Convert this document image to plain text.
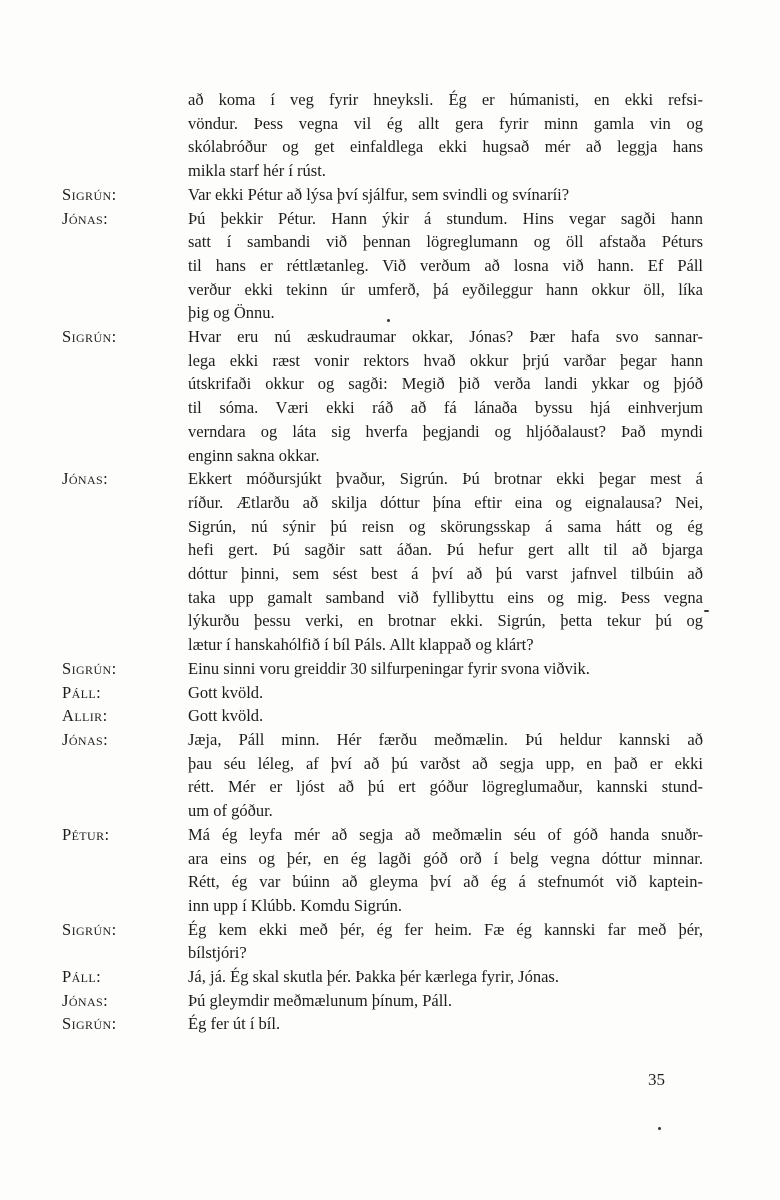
að koma í veg fyrir hneyksli. Ég er húmanisti, en ekki refsi-
vöndur. Þess vegna vil ég allt gera fyrir minn gamla vin og
skólabróður og get einfaldlega ekki hugsað mér að leggja hans
mikla starf hér í rúst.
Sigrún:	Var ekki Pétur að lýsa því sjálfur, sem svindli og svínaríi?
Jónas:	Þú þekkir Pétur. Hann ýkir á stundum. Hins vegar sagði hann
satt í sambandi við þennan lögreglumann og öll afstaða Péturs
til hans er réttlætanleg. Við verðum að losna við hann. Ef Páll
verður ekki tekinn úr umferð, þá eyðileggur hann okkur öll, líka
þig og Önnu.
Sigrún:	Hvar eru nú æskudraumar okkar, Jónas? Þær hafa svo sannar-
lega ekki ræst vonir rektors hvað okkur þrjú varðar þegar hann
útskrifaði okkur og sagði: Megið þið verða landi ykkar og þjóð
til sóma. Væri ekki ráð að fá lánaða byssu hjá einhverjum
verndara og láta sig hverfa þegjandi og hljóðalaust? Það myndi
enginn sakna okkar.
Jónas:	Ekkert móðursjúkt þvaður, Sigrún. Þú brotnar ekki þegar mest á
ríður. Ætlarðu að skilja dóttur þína eftir eina og eignalausa? Nei,
Sigrún, nú sýnir þú reisn og skörungsskap á sama hátt og ég
hefi gert. Þú sagðir satt áðan. Þú hefur gert allt til að bjarga
dóttur þinni, sem sést best á því að þú varst jafnvel tilbúin að
taka upp gamalt samband við fyllibyttu eins og mig. Þess vegna
lýkurðu þessu verki, en brotnar ekki. Sigrún, þetta tekur þú og
lætur í hanskahólfið í bíl Páls. Allt klappað og klárt?
Sigrún:	Einu sinni voru greiddir 30 silfurpeningar fyrir svona viðvik.
Páll:	Gott kvöld.
Allir:	Gott kvöld.
Jónas:	Jæja, Páll minn. Hér færðu meðmælin. Þú heldur kannski að
þau séu léleg, af því að þú varðst að segja upp, en það er ekki
rétt. Mér er ljóst að þú ert góður lögreglumaður, kannski stund-
um of góður.
Pétur:	Má ég leyfa mér að segja að meðmælin séu of góð handa snuðr-
ara eins og þér, en ég lagði góð orð í belg vegna dóttur minnar.
Rétt, ég var búinn að gleyma því að ég á stefnumót við kaptein-
inn upp í Klúbb. Komdu Sigrún.
Sigrún:	Ég kem ekki með þér, ég fer heim. Fæ ég kannski far með þér,
bílstjóri?
Páll:	Já, já. Ég skal skutla þér. Þakka þér kærlega fyrir, Jónas.
Jónas:	Þú gleymdir meðmælunum þínum, Páll.
Sigrún:	Ég fer út í bíl.
35
